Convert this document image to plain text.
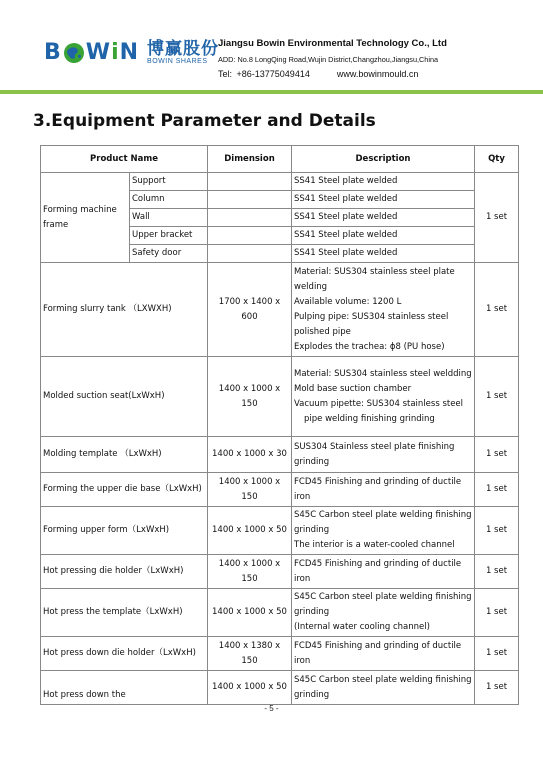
B WiN 博赢股份
BOWIN SHARES
Jiangsu Bowin Environmental Technology Co., Ltd
ADD: No.8 LongQing Road,Wujin District,Changzhou,Jiangsu,China
Tel: +86-13775049414	www.bowinmould.cn
3.Equipment Parameter and Details
Product Name		Dimension	Description	Qty
Forming machine frame	Support		SS41 Steel plate welded	1 set
	Column		SS41 Steel plate welded	
	Wall		SS41 Steel plate welded	
	Upper bracket		SS41 Steel plate welded	
	Safety door		SS41 Steel plate welded	
Forming slurry tank （LXWXH)		1700 x 1400 x 600	Material: SUS304 stainless steel plate welding
Available volume: 1200 L
Pulping pipe: SUS304 stainless steel polished pipe
Explodes the trachea: ɸ8 (PU hose)	1 set
Molded suction seat(LxWxH)		1400 x 1000 x 150	Material: SUS304 stainless steel weldding
Mold base suction chamber
Vacuum pipette: SUS304 stainless steel
pipe welding finishing grinding	1 set
Molding template （LxWxH)		1400 x 1000 x 30	SUS304 Stainless steel plate finishing grinding	1 set
Forming the upper die base（LxWxH)		1400 x 1000 x 150	FCD45 Finishing and grinding of ductile iron	1 set
Forming upper form（LxWxH)		1400 x 1000 x 50	S45C Carbon steel plate welding finishing grinding
The interior is a water-cooled channel	1 set
Hot pressing die holder（LxWxH)		1400 x 1000 x 150	FCD45 Finishing and grinding of ductile iron	1 set
Hot press the template（LxWxH)		1400 x 1000 x 50	S45C Carbon steel plate welding finishing grinding
(Internal water cooling channel)	1 set
Hot press down die holder（LxWxH)		1400 x 1380 x 150	FCD45 Finishing and grinding of ductile iron	1 set
Hot press down the		1400 x 1000 x 50	S45C Carbon steel plate welding finishing grinding	1 set
- 5 -
